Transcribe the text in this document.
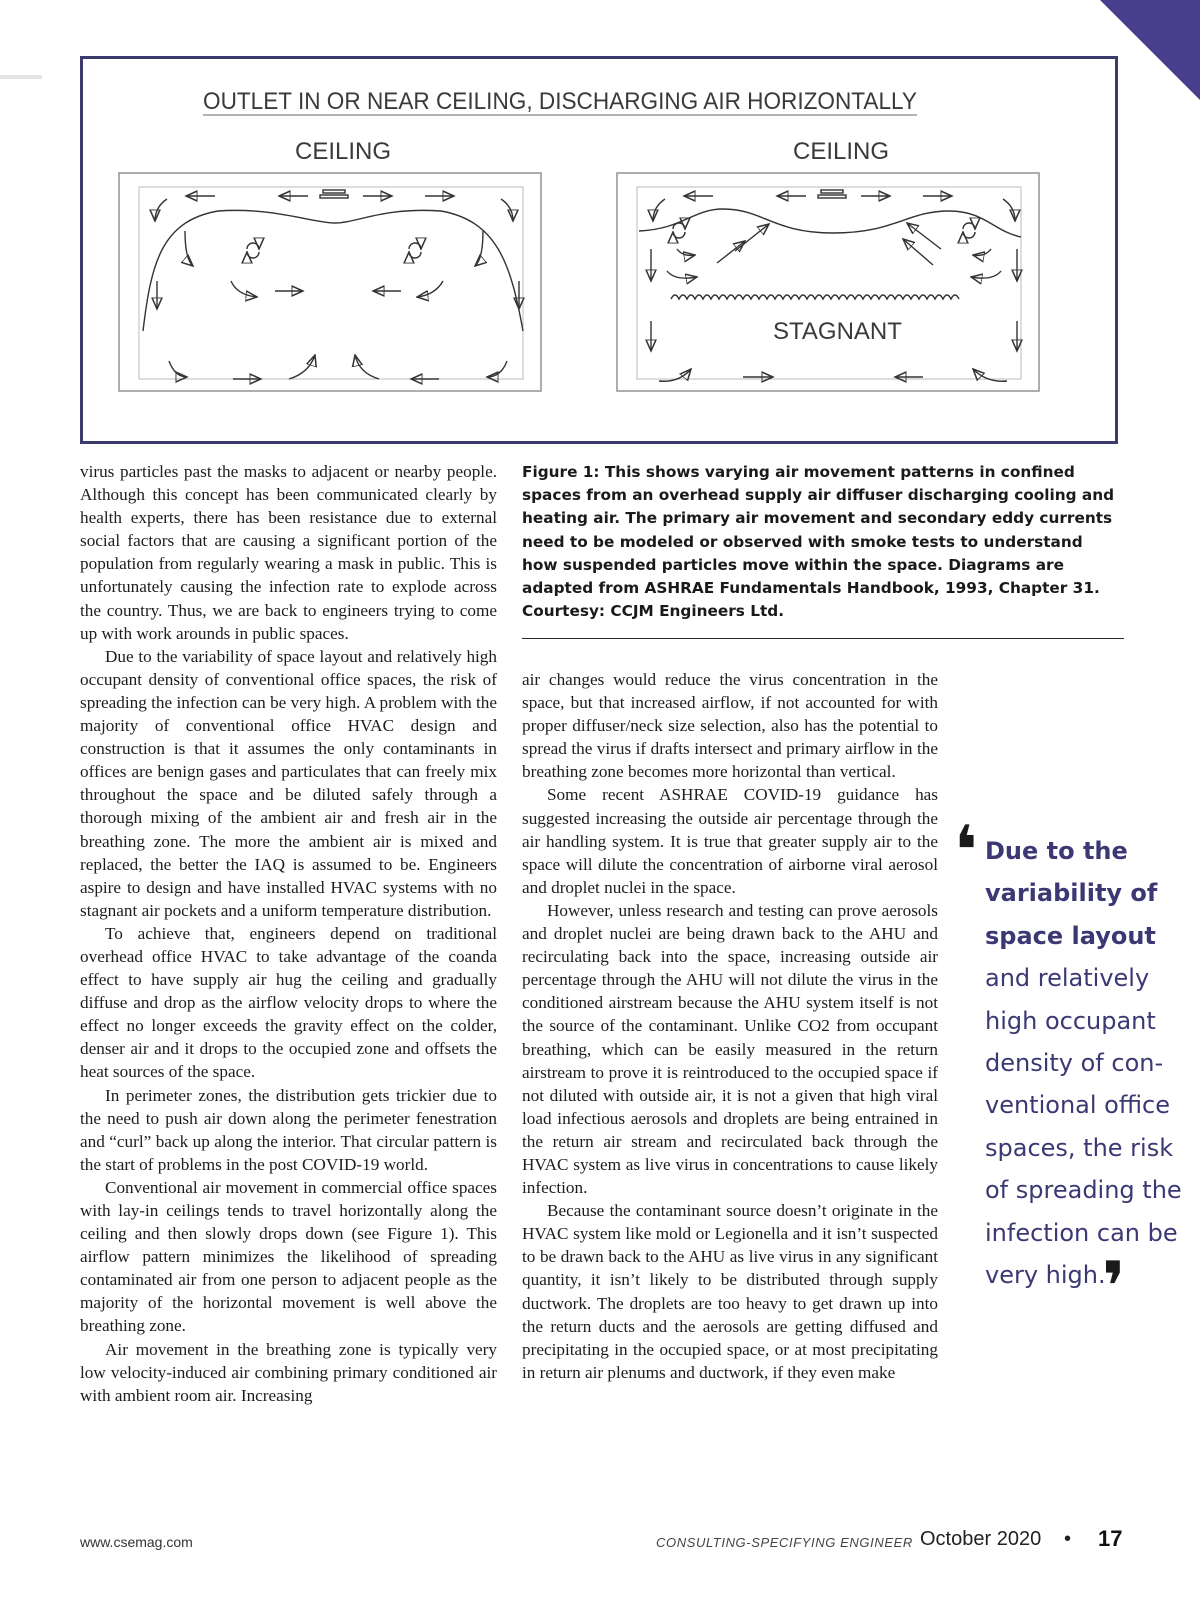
OUTLET IN OR NEAR CEILING, DISCHARGING AIR HORIZONTALLY
CEILING	CEILING
STAGNANT

virus particles past the masks to adjacent or nearby people. Although this concept has been communicated clearly by health experts, there has been resistance due to external social factors that are causing a significant portion of the population from regularly wearing a mask in public. This is unfortunately causing the infection rate to explode across the country. Thus, we are back to engineers trying to come up with work arounds in public spaces.

Due to the variability of space layout and relatively high occupant density of conventional office spaces, the risk of spreading the infection can be very high. A problem with the majority of conventional office HVAC design and construction is that it assumes the only contaminants in offices are benign gases and particulates that can freely mix throughout the space and be diluted safely through a thorough mixing of the ambient air and fresh air in the breathing zone. The more the ambient air is mixed and replaced, the better the IAQ is assumed to be. Engineers aspire to design and have installed HVAC systems with no stagnant air pockets and a uniform temperature distribution.

To achieve that, engineers depend on traditional overhead office HVAC to take advantage of the coanda effect to have supply air hug the ceiling and gradually diffuse and drop as the airflow velocity drops to where the effect no longer exceeds the gravity effect on the colder, denser air and it drops to the occupied zone and offsets the heat sources of the space.

In perimeter zones, the distribution gets trickier due to the need to push air down along the perimeter fenestration and “curl” back up along the interior. That circular pattern is the start of problems in the post COVID-19 world.

Conventional air movement in commercial office spaces with lay-in ceilings tends to travel horizontally along the ceiling and then slowly drops down (see Figure 1). This airflow pattern minimizes the likelihood of spreading contaminated air from one person to adjacent people as the majority of the horizontal movement is well above the breathing zone.

Air movement in the breathing zone is typically very low velocity-induced air combining primary conditioned air with ambient room air. Increasing

Figure 1: This shows varying air movement patterns in confined spaces from an overhead supply air diffuser discharging cooling and heating air. The primary air movement and secondary eddy currents need to be modeled or observed with smoke tests to understand how suspended particles move within the space. Diagrams are adapted from ASHRAE Fundamentals Handbook, 1993, Chapter 31. Courtesy: CCJM Engineers Ltd.

air changes would reduce the virus concentration in the space, but that increased airflow, if not accounted for with proper diffuser/neck size selection, also has the potential to spread the virus if drafts intersect and primary airflow in the breathing zone becomes more horizontal than vertical.

Some recent ASHRAE COVID-19 guidance has suggested increasing the outside air percentage through the air handling system. It is true that greater supply air to the space will dilute the concentration of airborne viral aerosol and droplet nuclei in the space.

However, unless research and testing can prove aerosols and droplet nuclei are being drawn back to the AHU and recirculating back into the space, increasing outside air percentage through the AHU will not dilute the virus in the conditioned airstream because the AHU system itself is not the source of the contaminant. Unlike CO2 from occupant breathing, which can be easily measured in the return airstream to prove it is reintroduced to the occupied space if not diluted with outside air, it is not a given that high viral load infectious aerosols and droplets are being entrained in the return air stream and recirculated back through the HVAC system as live virus in concentrations to cause likely infection.

Because the contaminant source doesn’t originate in the HVAC system like mold or Legionella and it isn’t suspected to be drawn back to the AHU as live virus in any significant quantity, it isn’t likely to be distributed through supply ductwork. The droplets are too heavy to get drawn up into the return ducts and the aerosols are getting diffused and precipitating in the occupied space, or at most precipitating in return air plenums and ductwork, if they even make

❛ Due to the
variability of
space layout
and relatively
high occupant
density of con-
ventional office
spaces, the risk
of spreading the
infection can be
very high.
❜
www.csemag.com	CONSULTING-SPECIFYING ENGINEER October 2020 • 17
